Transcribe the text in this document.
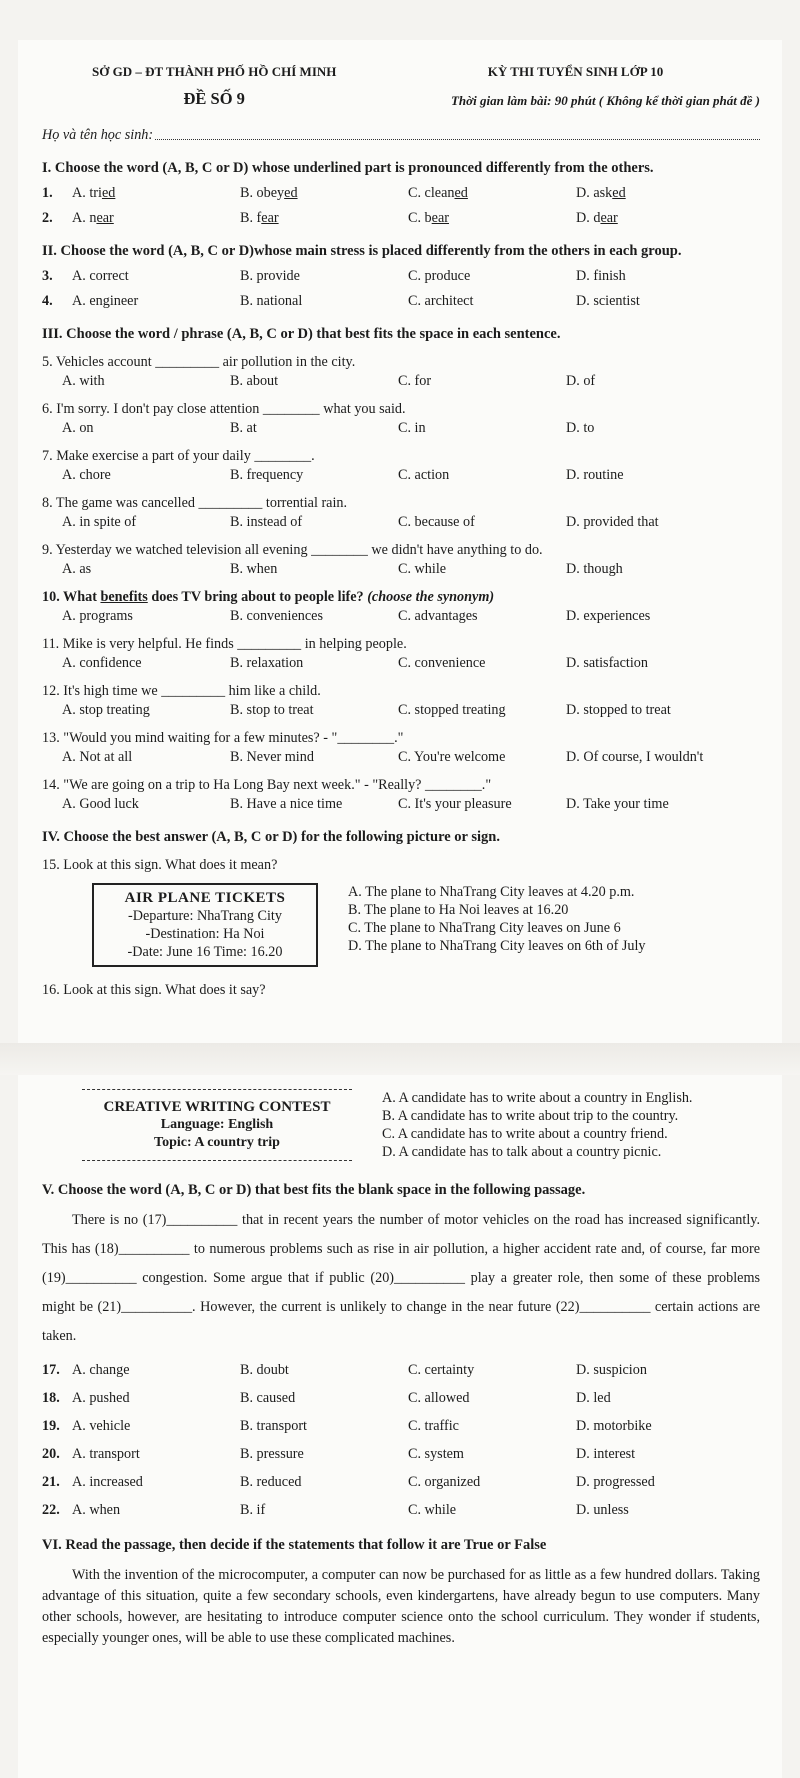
SỞ GD – ĐT THÀNH PHỐ HỒ CHÍ MINH
ĐỀ SỐ 9
KỲ THI TUYỂN SINH LỚP 10
Thời gian làm bài: 90 phút ( Không kể thời gian phát đề )
Họ và tên học sinh:
I. Choose the word (A, B, C or D) whose underlined part is pronounced differently from the others.
1.	A. tried	B. obeyed	C. cleaned	D. asked
2.	A. near	B. fear	C. bear	D. dear
II. Choose the word (A, B, C or D)whose main stress is placed differently from the others in each group.
3.	A. correct	B. provide	C. produce	D. finish
4.	A. engineer	B. national	C. architect	D. scientist
III. Choose the word / phrase (A, B, C or D) that best fits the space in each sentence.
5. Vehicles account _________ air pollution in the city.
A. with	B. about	C. for	D. of
6. I'm sorry. I don't pay close attention ________ what you said.
A. on	B. at	C. in	D. to
7. Make exercise a part of your daily ________.
A. chore	B. frequency	C. action	D. routine
8. The game was cancelled _________ torrential rain.
A. in spite of	B. instead of	C. because of	D. provided that
9. Yesterday we watched television all evening ________ we didn't have anything to do.
A. as	B. when	C. while	D. though
10. What benefits does TV bring about to people life? (choose the synonym)
A. programs	B. conveniences	C. advantages	D. experiences
11. Mike is very helpful. He finds _________ in helping people.
A. confidence	B. relaxation	C. convenience	D. satisfaction
12. It's high time we _________ him like a child.
A. stop treating	B. stop to treat	C. stopped treating	D. stopped to treat
13. "Would you mind waiting for a few minutes? - "________."
A. Not at all	B. Never mind	C. You're welcome	D. Of course, I wouldn't
14. "We are going on a trip to Ha Long Bay next week." - "Really? ________."
A. Good luck	B. Have a nice time	C. It's your pleasure	D. Take your time
IV. Choose the best answer (A, B, C or D) for the following picture or sign.
15. Look at this sign. What does it mean?
AIR PLANE TICKETS
-Departure: NhaTrang City
-Destination: Ha Noi
-Date: June 16 Time: 16.20
A. The plane to NhaTrang City leaves at 4.20 p.m.
B. The plane to Ha Noi leaves at 16.20
C. The plane to NhaTrang City leaves on June 6
D. The plane to NhaTrang City leaves on 6th of July
16. Look at this sign. What does it say?
CREATIVE WRITING CONTEST
Language: English
Topic: A country trip
A. A candidate has to write about a country in English.
B. A candidate has to write about trip to the country.
C. A candidate has to write about a country friend.
D. A candidate has to talk about a country picnic.
V. Choose the word (A, B, C or D) that best fits the blank space in the following passage.
There is no (17)__________ that in recent years the number of motor vehicles on the road has increased significantly. This has (18)__________ to numerous problems such as rise in air pollution, a higher accident rate and, of course, far more (19)__________ congestion. Some argue that if public (20)__________ play a greater role, then some of these problems might be (21)__________. However, the current is unlikely to change in the near future (22)__________ certain actions are taken.
17. A. change	B. doubt	C. certainty	D. suspicion
18. A. pushed	B. caused	C. allowed	D. led
19. A. vehicle	B. transport	C. traffic	D. motorbike
20. A. transport	B. pressure	C. system	D. interest
21. A. increased	B. reduced	C. organized	D. progressed
22. A. when	B. if	C. while	D. unless
VI. Read the passage, then decide if the statements that follow it are True or False
With the invention of the microcomputer, a computer can now be purchased for as little as a few hundred dollars. Taking advantage of this situation, quite a few secondary schools, even kindergartens, have already begun to use computers. Many other schools, however, are hesitating to introduce computer science onto the school curriculum. They wonder if students, especially younger ones, will be able to use these complicated machines.
